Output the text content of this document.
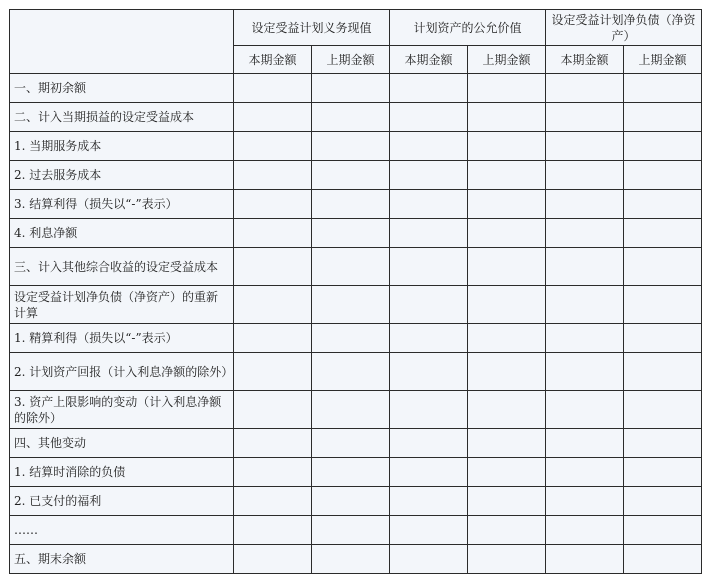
	设定受益计划义务现值		计划资产的公允价值		设定受益计划净负债（净资产）	
	本期金额	上期金额	本期金额	上期金额	本期金额	上期金额
一、期初余额						
二、计入当期损益的设定受益成本						
1. 当期服务成本						
2. 过去服务成本						
3. 结算利得（损失以“-”表示）						
4. 利息净额						
三、计入其他综合收益的设定受益成本						
设定受益计划净负债（净资产）的重新计算						
1. 精算利得（损失以“-”表示）						
2. 计划资产回报（计入利息净额的除外）						
3. 资产上限影响的变动（计入利息净额的除外）						
四、其他变动						
1. 结算时消除的负债						
2. 已支付的福利						
……						
五、期末余额						
